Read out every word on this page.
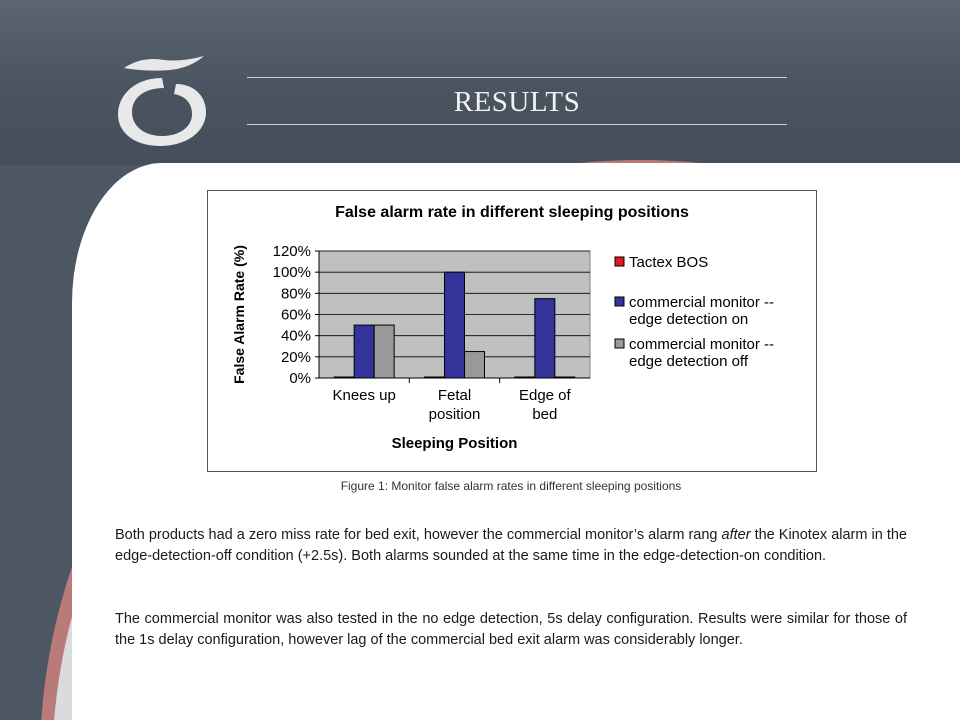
RESULTS
False alarm rate in different sleeping positions
0%
20%
40%
60%
80%
100%
120%
Knees up	Fetal
position
Edge of
bed
Sleeping Position
False Alarm Rate (%)	Tactex BOS
commercial monitor --
edge detection on
commercial monitor --
edge detection off
Figure 1: Monitor false alarm rates in different sleeping positions

Both products had a zero miss rate for bed exit, however the commercial monitor’s alarm rang after the Kinotex alarm in the edge-detection-off condition (+2.5s). Both alarms sounded at the same time in the edge-detection-on condition.

The commercial monitor was also tested in the no edge detection, 5s delay configuration. Results were similar for those of the 1s delay configuration, however lag of the commercial bed exit alarm was considerably longer.
